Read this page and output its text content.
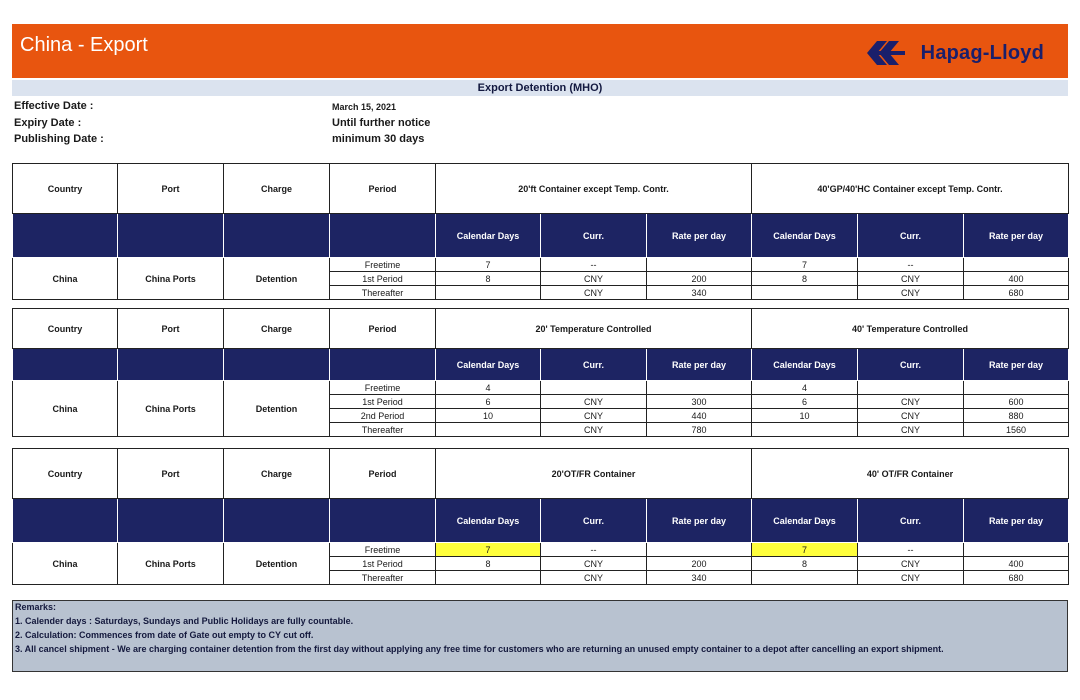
China - Export	Hapag-Lloyd
Export Detention (MHO)
Effective Date :	March 15, 2021
Expiry Date :	Until further notice
Publishing Date :	minimum 30 days
Country	Port	Charge	Period	20'ft Container except Temp. Contr.			40'GP/40'HC Container except Temp. Contr.		
				Calendar Days	Curr.	Rate per day	Calendar Days	Curr.	Rate per day
China	China Ports	Detention	Freetime	7	--		7	--	
			1st Period	8	CNY	200	8	CNY	400
			Thereafter		CNY	340		CNY	680
Country	Port	Charge	Period	20' Temperature Controlled			40' Temperature Controlled		
				Calendar Days	Curr.	Rate per day	Calendar Days	Curr.	Rate per day
China	China Ports	Detention	Freetime	4			4		
			1st Period	6	CNY	300	6	CNY	600
			2nd Period	10	CNY	440	10	CNY	880
			Thereafter		CNY	780		CNY	1560
Country	Port	Charge	Period	20'OT/FR Container			40' OT/FR Container		
				Calendar Days	Curr.	Rate per day	Calendar Days	Curr.	Rate per day
China	China Ports	Detention	Freetime	7	--		7	--	
			1st Period	8	CNY	200	8	CNY	400
			Thereafter		CNY	340		CNY	680
Remarks:
1. Calender days : Saturdays, Sundays and Public Holidays are fully countable.
2. Calculation: Commences from date of Gate out empty to CY cut off.
3. All cancel shipment - We are charging container detention from the first day without applying any free time for customers who are returning an unused empty container to a depot after cancelling an export shipment.
